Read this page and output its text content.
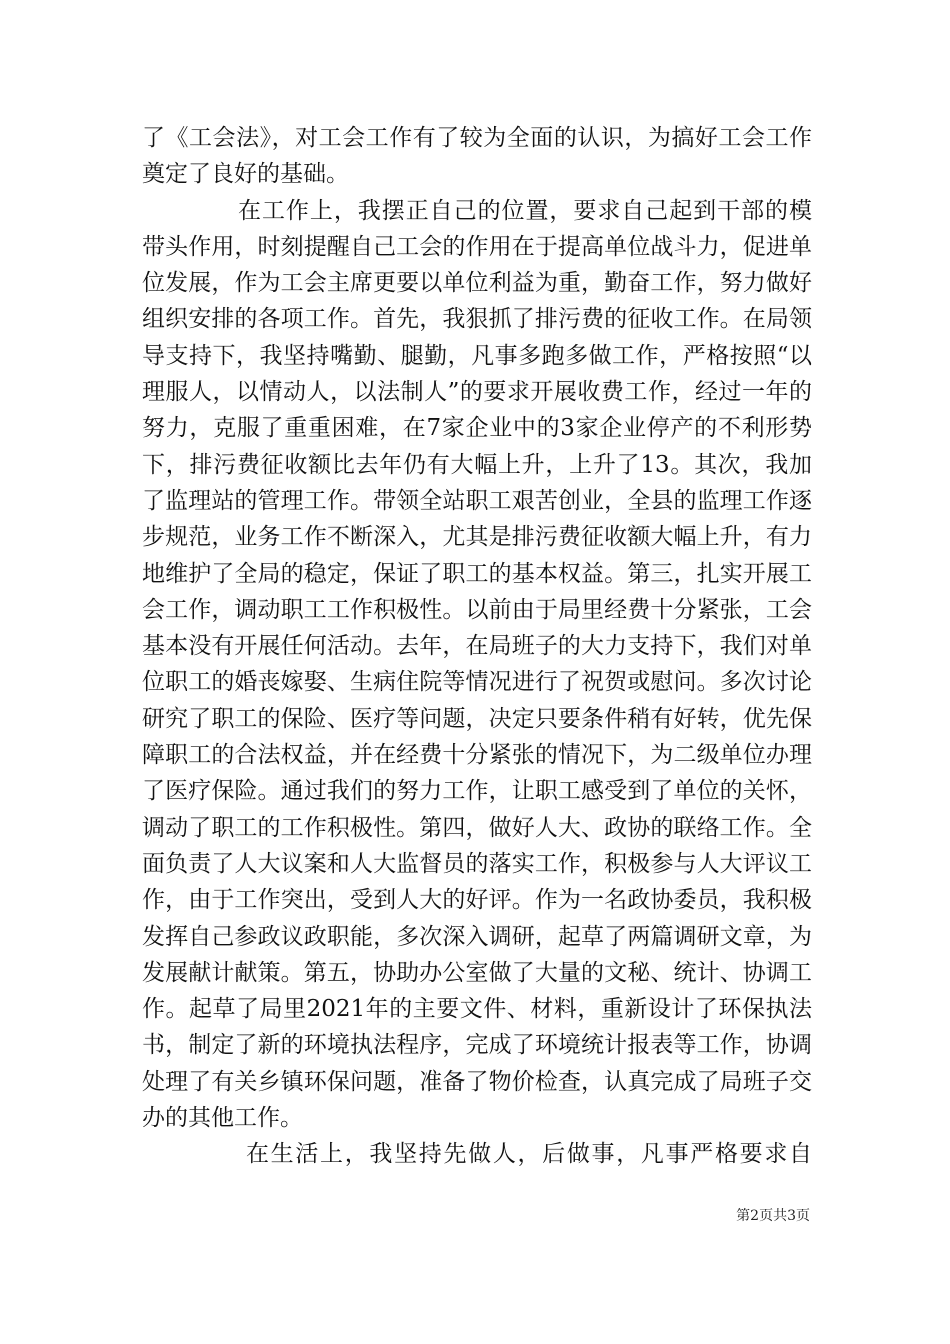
了《工会法》，对工会工作有了较为全面的认识，为搞好工会工作
奠定了良好的基础。
在工作上，我摆正自己的位置，要求自己起到干部的模
带头作用，时刻提醒自己工会的作用在于提高单位战斗力，促进单
位发展，作为工会主席更要以单位利益为重，勤奋工作，努力做好
组织安排的各项工作。首先，我狠抓了排污费的征收工作。在局领
导支持下，我坚持嘴勤、腿勤，凡事多跑多做工作，严格按照“以
理服人，以情动人，以法制人”的要求开展收费工作，经过一年的
努力，克服了重重困难，在7家企业中的3家企业停产的不利形势
下，排污费征收额比去年仍有大幅上升，上升了13。其次，我加
了监理站的管理工作。带领全站职工艰苦创业，全县的监理工作逐
步规范，业务工作不断深入，尤其是排污费征收额大幅上升，有力
地维护了全局的稳定，保证了职工的基本权益。第三，扎实开展工
会工作，调动职工工作积极性。以前由于局里经费十分紧张，工会
基本没有开展任何活动。去年，在局班子的大力支持下，我们对单
位职工的婚丧嫁娶、生病住院等情况进行了祝贺或慰问。多次讨论
研究了职工的保险、医疗等问题，决定只要条件稍有好转，优先保
障职工的合法权益，并在经费十分紧张的情况下，为二级单位办理
了医疗保险。通过我们的努力工作，让职工感受到了单位的关怀，
调动了职工的工作积极性。第四，做好人大、政协的联络工作。全
面负责了人大议案和人大监督员的落实工作，积极参与人大评议工
作，由于工作突出，受到人大的好评。作为一名政协委员，我积极
发挥自己参政议政职能，多次深入调研，起草了两篇调研文章，为
发展献计献策。第五，协助办公室做了大量的文秘、统计、协调工
作。起草了局里2021年的主要文件、材料，重新设计了环保执法
书，制定了新的环境执法程序，完成了环境统计报表等工作，协调
处理了有关乡镇环保问题，准备了物价检查，认真完成了局班子交
办的其他工作。
在生活上，我坚持先做人，后做事，凡事严格要求自
第2页共3页
